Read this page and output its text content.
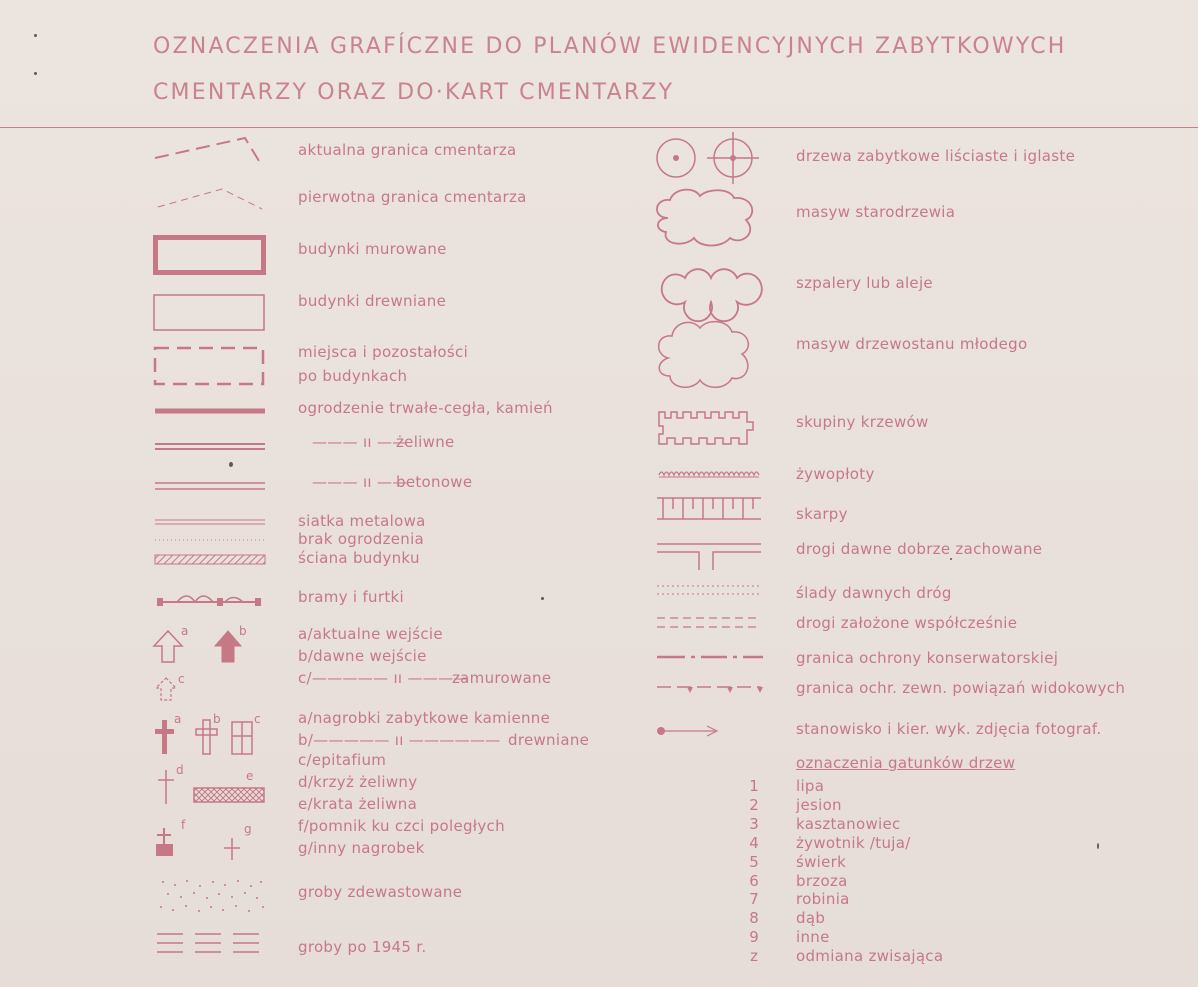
OZNACZENIA GRAFÍCZNE DO PLANÓW EWIDENCYJNYCH ZABYTKOWYCH
CMENTARZY ORAZ DO·KART CMENTARZY
aktualna granica cmentarza
pierwotna granica cmentarza
budynki murowane
budynki drewniane
miejsca i pozostałości
po budynkach
ogrodzenie trwałe-cegła, kamień
——— ıı ——
żeliwne
——— ıı ——
betonowe
siatka metalowa
brak ogrodzenia
ściana budynku
bramy i furtki
a	b
c
a/aktualne wejście
b/dawne wejście
c/————— ıı ————
zamurowane
a	b	c
d	e
f	g
a/nagrobki zabytkowe kamienne
b/————— ıı —————— drewniane
c/epitafium
d/krzyż żeliwny
e/krata żeliwna
f/pomnik ku czci poległych
g/inny nagrobek
groby zdewastowane
groby po 1945 r.
drzewa zabytkowe liściaste i iglaste
masyw starodrzewia
szpalery lub aleje
masyw drzewostanu młodego
skupiny krzewów
żywopłoty
skarpy
drogi dawne dobrze zachowane
ślady dawnych dróg
drogi założone współcześnie
granica ochrony konserwatorskiej
granica ochr. zewn. powiązań widokowych
stanowisko i kier. wyk. zdjęcia fotograf.
oznaczenia gatunków drzew
1	lipa
2	jesion
3	kasztanowiec
4	żywotnik /tuja/
5	świerk
6	brzoza
7	robinia
8	dąb
9	inne
z	odmiana zwisająca
